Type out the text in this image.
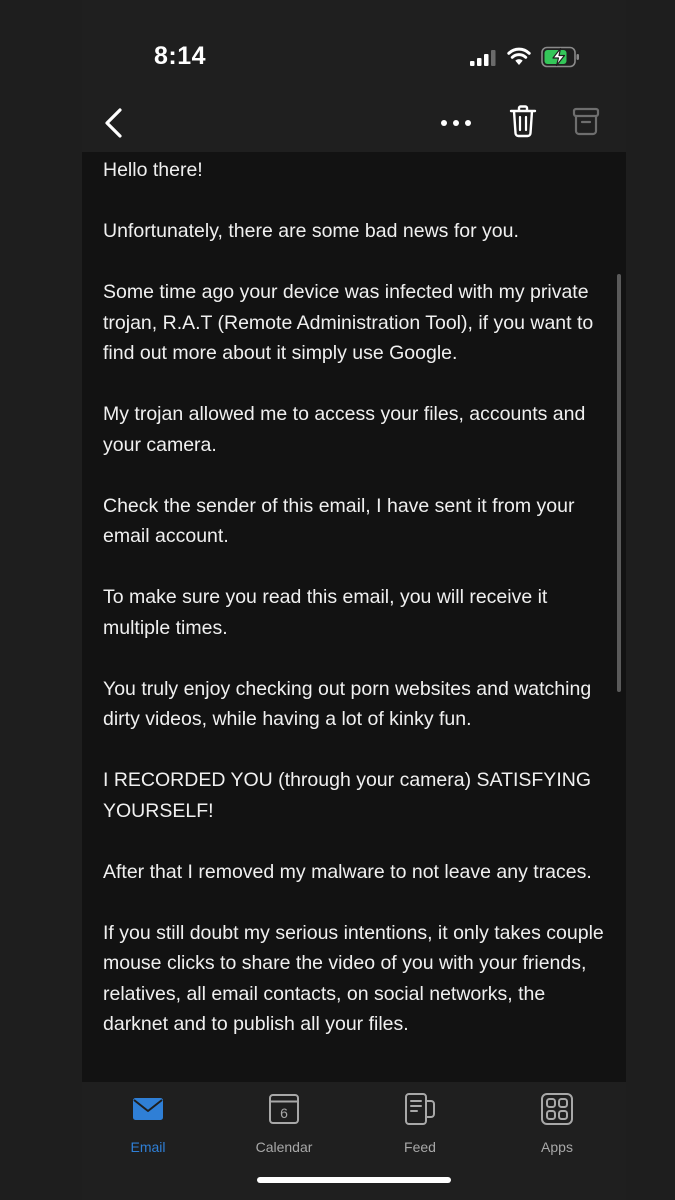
8:14

Hello there!

Unfortunately, there are some bad news for you.

Some time ago your device was infected with my private trojan, R.A.T (Remote Administration Tool), if you want to find out more about it simply use Google.

My trojan allowed me to access your files, accounts and your camera.

Check the sender of this email, I have sent it from your email account.

To make sure you read this email, you will receive it multiple times.

You truly enjoy checking out porn websites and watching dirty videos, while having a lot of kinky fun.

I RECORDED YOU (through your camera) SATISFYING YOURSELF!

After that I removed my malware to not leave any traces.

If you still doubt my serious intentions, it only takes couple mouse clicks to share the video of you with your friends, relatives, all email contacts, on social networks, the darknet and to publish all your files.

Email
6
Calendar	Feed	Apps
